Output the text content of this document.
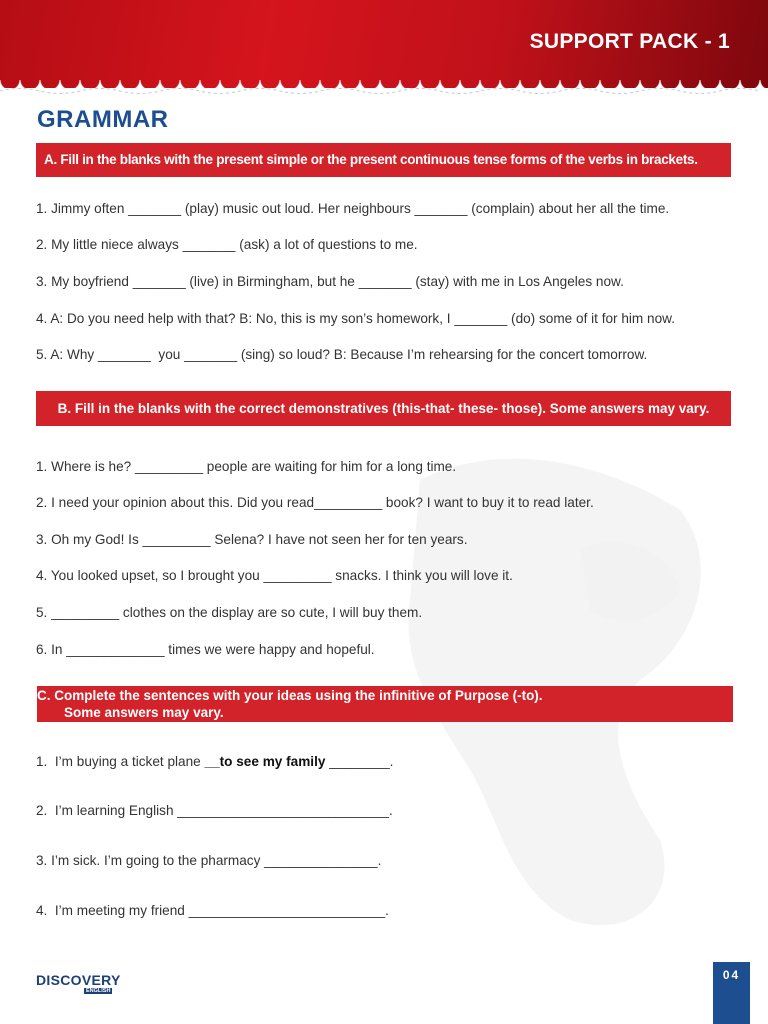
SUPPORT PACK - 1
GRAMMAR
A. Fill in the blanks with the present simple or the present continuous tense forms of the verbs in brackets.
1. Jimmy often _______ (play) music out loud. Her neighbours _______ (complain) about her all the time.
2. My little niece always _______ (ask) a lot of questions to me.
3. My boyfriend _______ (live) in Birmingham, but he _______ (stay) with me in Los Angeles now.
4. A: Do you need help with that? B: No, this is my son’s homework, I _______ (do) some of it for him now.
5. A: Why _______  you _______ (sing) so loud? B: Because I’m rehearsing for the concert tomorrow.
B. Fill in the blanks with the correct demonstratives (this-that- these- those). Some answers may vary.
1. Where is he? _________ people are waiting for him for a long time.
2. I need your opinion about this. Did you read_________ book? I want to buy it to read later.
3. Oh my God! Is _________ Selena? I have not seen her for ten years.
4. You looked upset, so I brought you _________ snacks. I think you will love it.
5. _________ clothes on the display are so cute, I will buy them.
6. In _____________ times we were happy and hopeful.
C. Complete the sentences with your ideas using the infinitive of Purpose (-to).
Some answers may vary.
1.  I’m buying a ticket plane __to see my family ________.
2.  I’m learning English ____________________________.
3. I’m sick. I’m going to the pharmacy _______________.
4.  I’m meeting my friend __________________________.
DISCOVERY
ENGLISH
04
